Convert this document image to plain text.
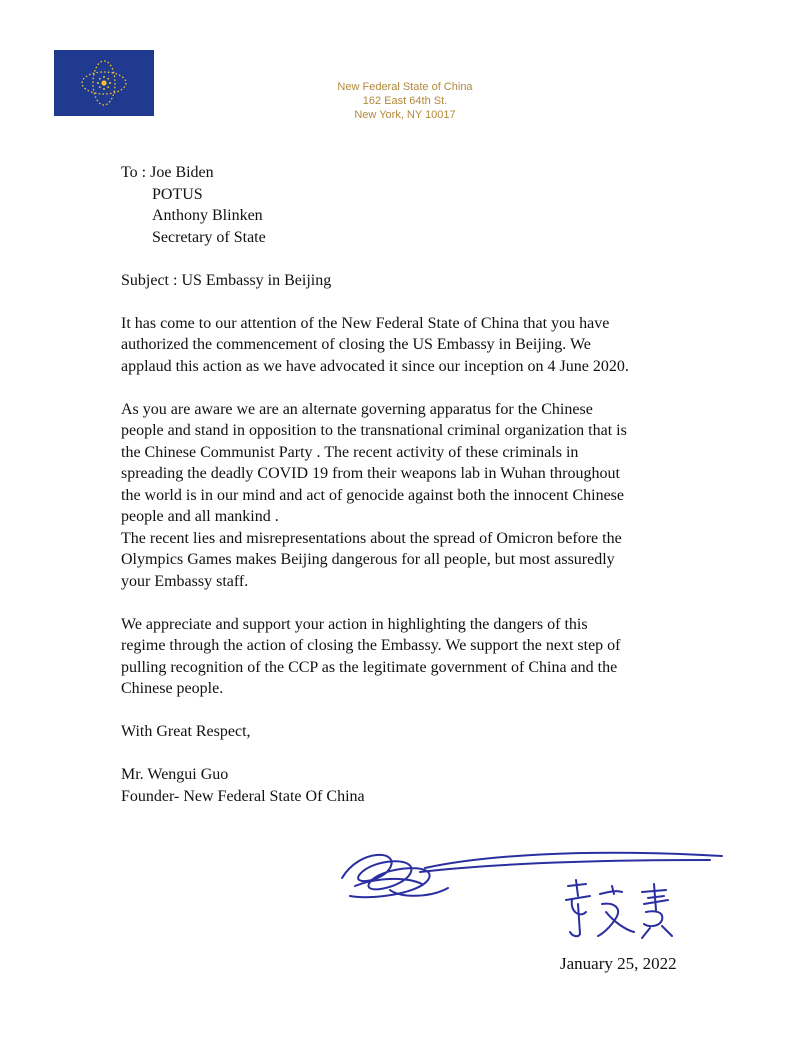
New Federal State of China
162 East 64th St.
New York, NY 10017
To : Joe Biden
POTUS
Anthony Blinken
Secretary of State
Subject : US Embassy in Beijing
It has come to our attention of the New Federal State of China that you have
authorized the commencement of closing the US Embassy in Beijing. We
applaud this action as we have advocated it since our inception on 4 June 2020.
As you are aware we are an alternate governing apparatus for the Chinese
people and stand in opposition to the transnational criminal organization that is
the Chinese Communist Party . The recent activity of these criminals in
spreading the deadly COVID 19 from their weapons lab in Wuhan throughout
the world is in our mind and act of genocide against both the innocent Chinese
people and all mankind .
The recent lies and misrepresentations about the spread of Omicron before the
Olympics Games makes Beijing dangerous for all people, but most assuredly
your Embassy staff.
We appreciate and support your action in highlighting the dangers of this
regime through the action of closing the Embassy. We support the next step of
pulling recognition of the CCP as the legitimate government of China and the
Chinese people.
With Great Respect,
Mr. Wengui Guo
Founder- New Federal State Of China
January 25, 2022
